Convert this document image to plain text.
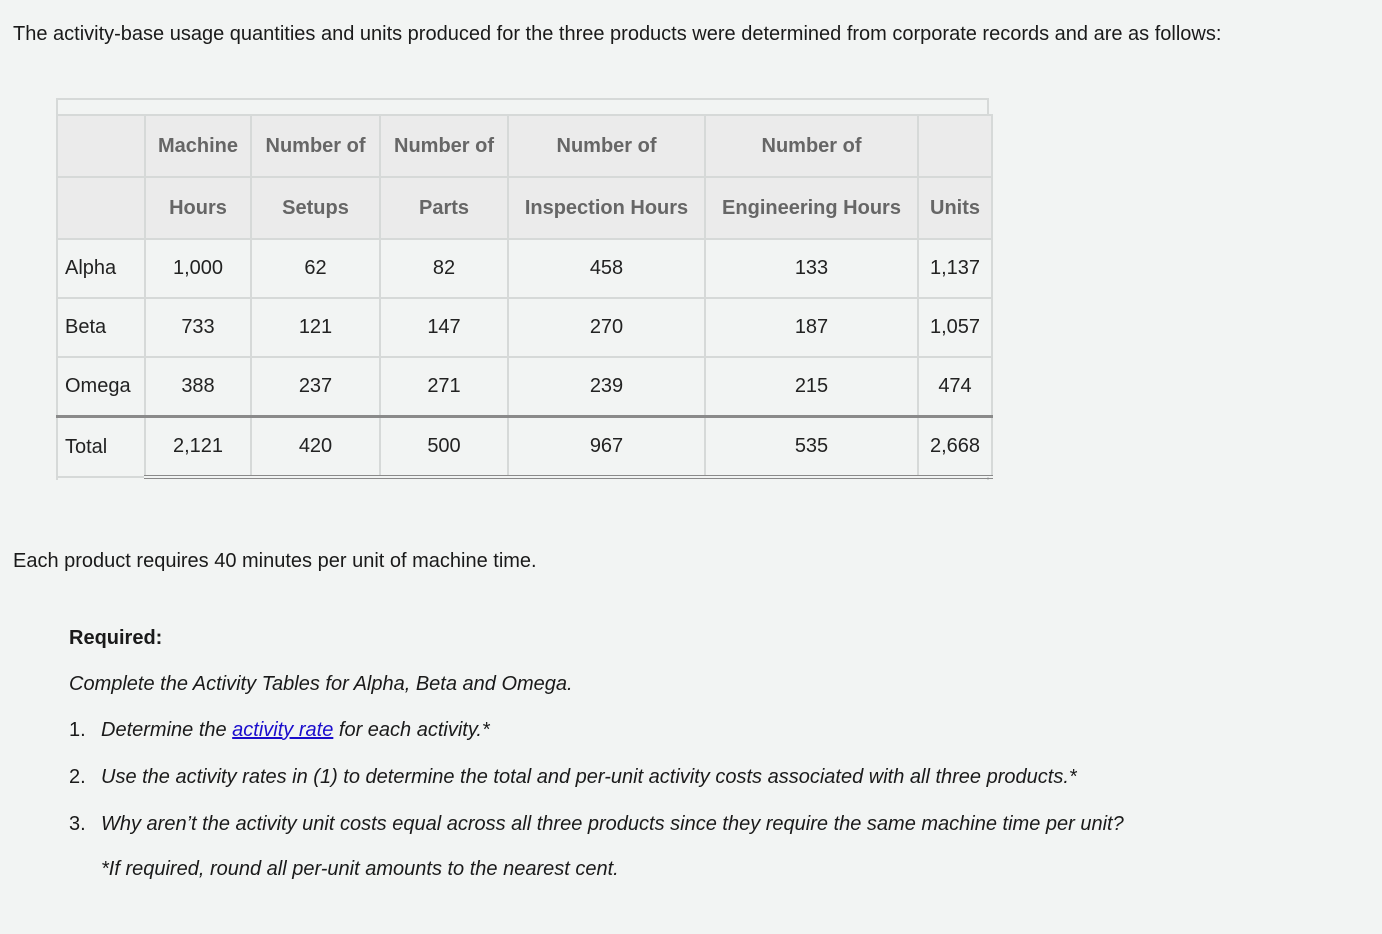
The activity-base usage quantities and units produced for the three products were determined from corporate records and are as follows:

	Machine	Number of	Number of	Number of	Number of	
	Hours	Setups	Parts	Inspection Hours	Engineering Hours	Units
Alpha	1,000	62	82	458	133	1,137
Beta	733	121	147	270	187	1,057
Omega	388	237	271	239	215	474
Total	2,121	420	500	967	535	2,668

Each product requires 40 minutes per unit of machine time.

Required:

Complete the Activity Tables for Alpha, Beta and Omega.

1. Determine the activity rate for each activity.*
2. Use the activity rates in (1) to determine the total and per-unit activity costs associated with all three products.*
3. Why aren’t the activity unit costs equal across all three products since they require the same machine time per unit?

*If required, round all per-unit amounts to the nearest cent.
